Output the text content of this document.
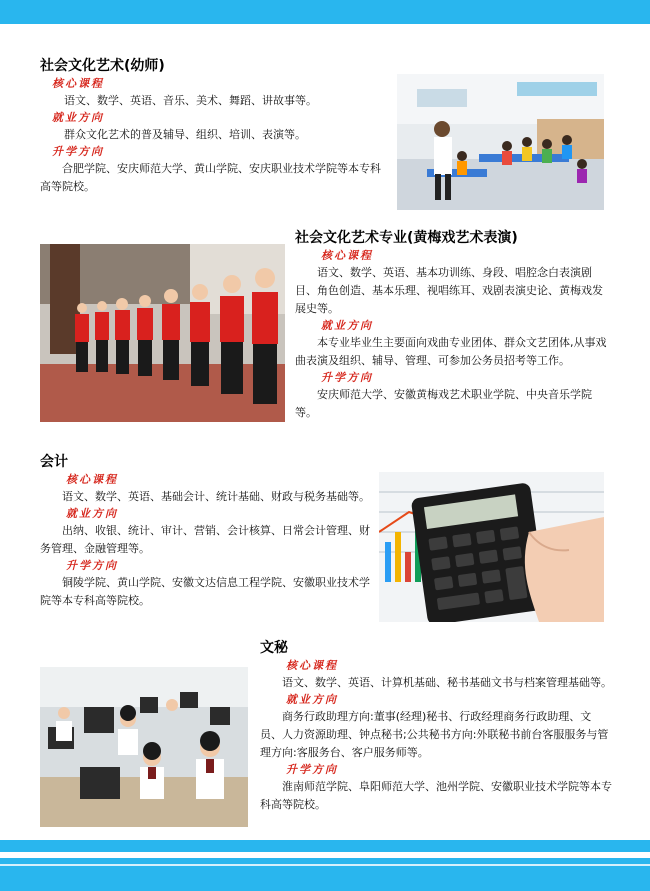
社会文化艺术(幼师)
核心课程
语文、数学、英语、音乐、美术、舞蹈、讲故事等。
就业方向
群众文化艺术的普及辅导、组织、培训、表演等。
升学方向
合肥学院、安庆师范大学、黄山学院、安庆职业技术学院等本专科高等院校。
社会文化艺术专业(黄梅戏艺术表演)
核心课程
语文、数学、英语、基本功训练、身段、唱腔念白表演剧目、角色创造、基本乐理、视唱练耳、戏剧表演史论、黄梅戏发展史等。
就业方向
本专业毕业生主要面向戏曲专业团体、群众文艺团体,从事戏曲表演及组织、辅导、管理、可参加公务员招考等工作。
升学方向
安庆师范大学、安徽黄梅戏艺术职业学院、中央音乐学院等。
会计
核心课程
语文、数学、英语、基础会计、统计基础、财政与税务基础等。
就业方向
出纳、收银、统计、审计、营销、会计核算、日常会计管理、财务管理、金融管理等。
升学方向
铜陵学院、黄山学院、安徽文达信息工程学院、安徽职业技术学院等本专科高等院校。
文秘
核心课程
语文、数学、英语、计算机基础、秘书基础文书与档案管理基础等。
就业方向
商务行政助理方向:董事(经理)秘书、行政经理商务行政助理、文员、人力资源助理、钟点秘书;公共秘书方向:外联秘书前台客服服务与管理方向:客服务台、客户服务师等。
升学方向
淮南师范学院、阜阳师范大学、池州学院、安徽职业技术学院等本专科高等院校。
